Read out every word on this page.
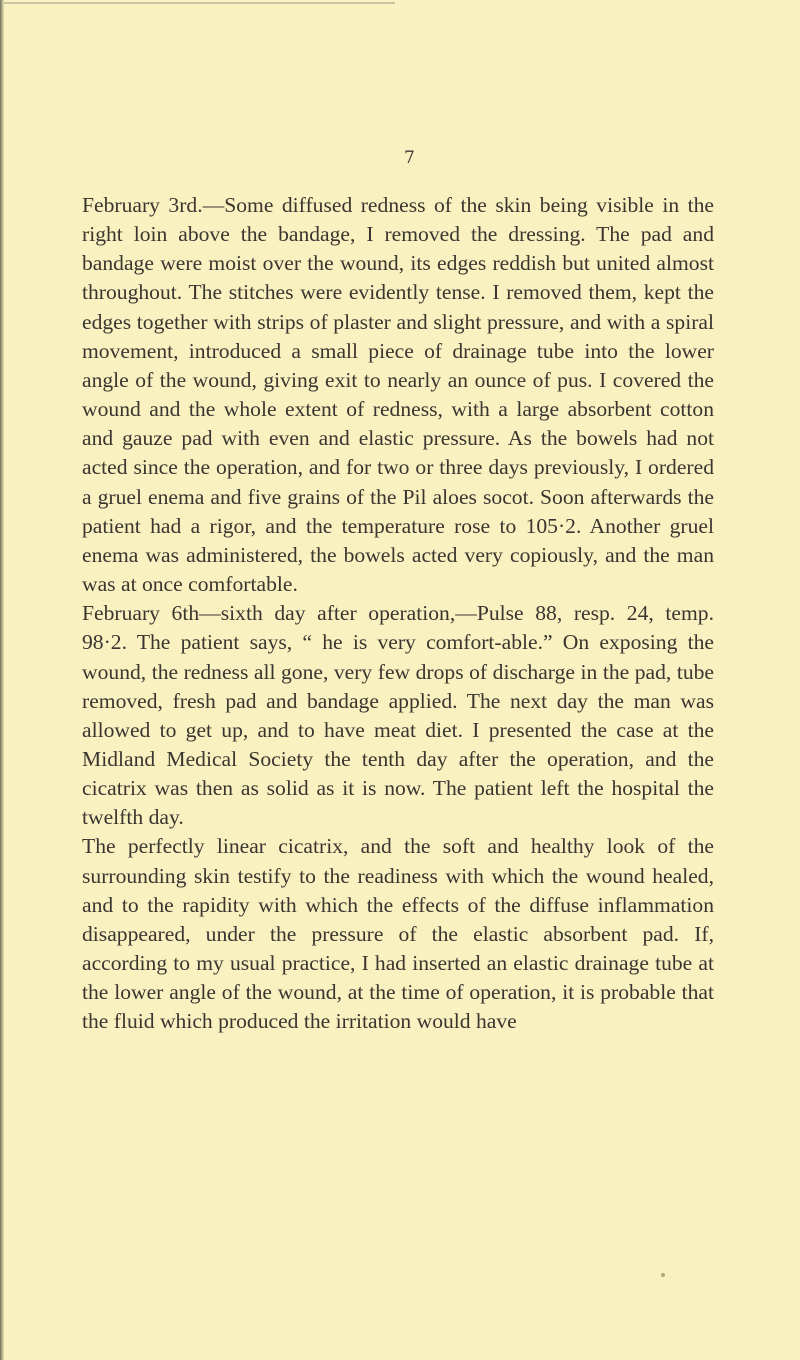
7

February 3rd.—Some diffused redness of the skin being visible in the right loin above the bandage, I removed the dressing. The pad and bandage were moist over the wound, its edges reddish but united almost throughout. The stitches were evidently tense. I removed them, kept the edges together with strips of plaster and slight pressure, and with a spiral movement, introduced a small piece of drainage tube into the lower angle of the wound, giving exit to nearly an ounce of pus. I covered the wound and the whole extent of redness, with a large absorbent cotton and gauze pad with even and elastic pressure. As the bowels had not acted since the operation, and for two or three days previously, I ordered a gruel enema and five grains of the Pil aloes socot. Soon afterwards the patient had a rigor, and the temperature rose to 105·2. Another gruel enema was administered, the bowels acted very copiously, and the man was at once comfortable.

February 6th—sixth day after operation,—Pulse 88, resp. 24, temp. 98·2. The patient says, “ he is very comfort-able.” On exposing the wound, the redness all gone, very few drops of discharge in the pad, tube removed, fresh pad and bandage applied. The next day the man was allowed to get up, and to have meat diet. I presented the case at the Midland Medical Society the tenth day after the operation, and the cicatrix was then as solid as it is now. The patient left the hospital the twelfth day.

The perfectly linear cicatrix, and the soft and healthy look of the surrounding skin testify to the readiness with which the wound healed, and to the rapidity with which the effects of the diffuse inflammation disappeared, under the pressure of the elastic absorbent pad. If, according to my usual practice, I had inserted an elastic drainage tube at the lower angle of the wound, at the time of operation, it is probable that the fluid which produced the irritation would have
